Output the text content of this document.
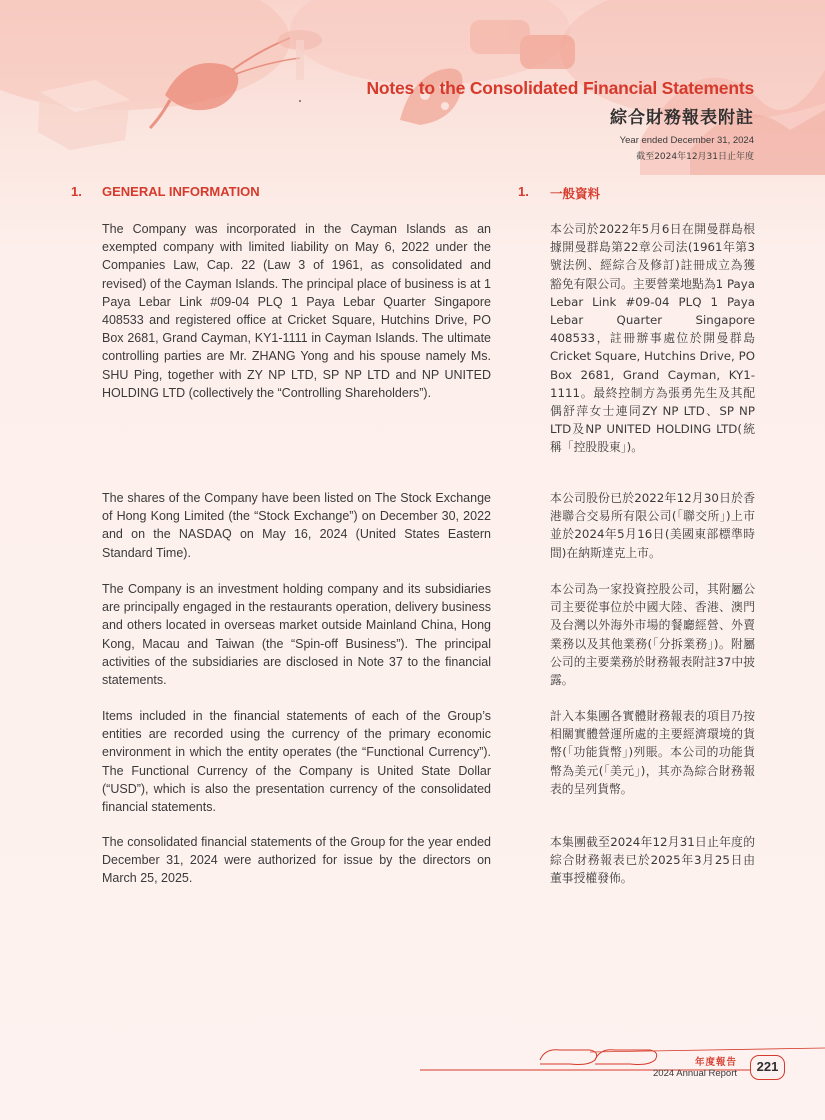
Notes to the Consolidated Financial Statements
綜合財務報表附註
Year ended December 31, 2024
截至2024年12月31日止年度
1. GENERAL INFORMATION	1. 一般資料
The Company was incorporated in the Cayman Islands as an exempted company with limited liability on May 6, 2022 under the Companies Law, Cap. 22 (Law 3 of 1961, as consolidated and revised) of the Cayman Islands. The principal place of business is at 1 Paya Lebar Link #09-04 PLQ 1 Paya Lebar Quarter Singapore 408533 and registered office at Cricket Square, Hutchins Drive, PO Box 2681, Grand Cayman, KY1-1111 in Cayman Islands. The ultimate controlling parties are Mr. ZHANG Yong and his spouse namely Ms. SHU Ping, together with ZY NP LTD, SP NP LTD and NP UNITED HOLDING LTD (collectively the “Controlling Shareholders”).
The shares of the Company have been listed on The Stock Exchange of Hong Kong Limited (the “Stock Exchange”) on December 30, 2022 and on the NASDAQ on May 16, 2024 (United States Eastern Standard Time).
The Company is an investment holding company and its subsidiaries are principally engaged in the restaurants operation, delivery business and others located in overseas market outside Mainland China, Hong Kong, Macau and Taiwan (the “Spin-off Business”). The principal activities of the subsidiaries are disclosed in Note 37 to the financial statements.
Items included in the financial statements of each of the Group’s entities are recorded using the currency of the primary economic environment in which the entity operates (the “Functional Currency”). The Functional Currency of the Company is United State Dollar (“USD”), which is also the presentation currency of the consolidated financial statements.
The consolidated financial statements of the Group for the year ended December 31, 2024 were authorized for issue by the directors on March 25, 2025.
本公司於2022年5月6日在開曼群島根據開曼群島第22章公司法(1961年第3號法例、經綜合及修訂)註冊成立為獲豁免有限公司。主要營業地點為1 Paya Lebar Link #09-04 PLQ 1 Paya Lebar Quarter Singapore 408533，註冊辦事處位於開曼群島Cricket Square, Hutchins Drive, PO Box 2681, Grand Cayman, KY1-1111。最終控制方為張勇先生及其配偶舒萍女士連同ZY NP LTD、SP NP LTD及NP UNITED HOLDING LTD(統稱「控股股東」)。
本公司股份已於2022年12月30日於香港聯合交易所有限公司(「聯交所」)上市並於2024年5月16日(美國東部標準時間)在納斯達克上市。
本公司為一家投資控股公司，其附屬公司主要從事位於中國大陸、香港、澳門及台灣以外海外市場的餐廳經營、外賣業務以及其他業務(「分拆業務」)。附屬公司的主要業務於財務報表附註37中披露。
計入本集團各實體財務報表的項目乃按相關實體營運所處的主要經濟環境的貨幣(「功能貨幣」)列賬。本公司的功能貨幣為美元(「美元」)，其亦為綜合財務報表的呈列貨幣。
本集團截至2024年12月31日止年度的綜合財務報表已於2025年3月25日由董事授權發佈。
年度報告
2024 Annual Report	221
